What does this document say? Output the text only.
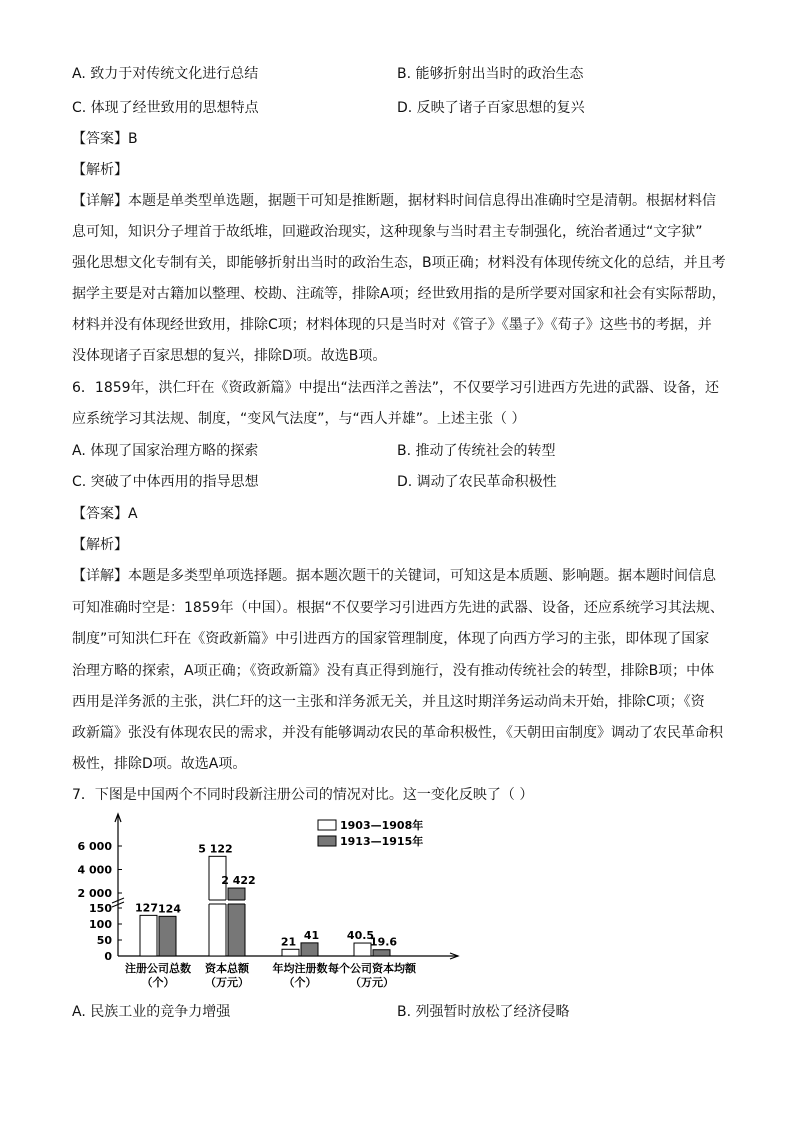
A. 致力于对传统文化进行总结	B. 能够折射出当时的政治生态
C. 体现了经世致用的思想特点	D. 反映了诸子百家思想的复兴
【答案】B
【解析】
【详解】本题是单类型单选题，据题干可知是推断题，据材料时间信息得出准确时空是清朝。根据材料信
息可知，知识分子埋首于故纸堆，回避政治现实，这种现象与当时君主专制强化，统治者通过“文字狱”
强化思想文化专制有关，即能够折射出当时的政治生态，B项正确；材料没有体现传统文化的总结，并且考
据学主要是对古籍加以整理、校勘、注疏等，排除A项；经世致用指的是所学要对国家和社会有实际帮助，
材料并没有体现经世致用，排除C项；材料体现的只是当时对《管子》《墨子》《荀子》这些书的考据，并
没体现诸子百家思想的复兴，排除D项。故选B项。
6．1859年，洪仁玕在《资政新篇》中提出“法西洋之善法”，不仅要学习引进西方先进的武器、设备，还
应系统学习其法规、制度，“变风气法度”，与“西人并雄”。上述主张（ ）
A. 体现了国家治理方略的探索	B. 推动了传统社会的转型
C. 突破了中体西用的指导思想	D. 调动了农民革命积极性
【答案】A
【解析】
【详解】本题是多类型单项选择题。据本题次题干的关键词，可知这是本质题、影响题。据本题时间信息
可知准确时空是：1859年（中国）。根据“不仅要学习引进西方先进的武器、设备，还应系统学习其法规、
制度”可知洪仁玕在《资政新篇》中引进西方的国家管理制度，体现了向西方学习的主张，即体现了国家
治理方略的探索，A项正确；《资政新篇》没有真正得到施行，没有推动传统社会的转型，排除B项；中体
西用是洋务派的主张，洪仁玕的这一主张和洋务派无关，并且这时期洋务运动尚未开始，排除C项；《资
政新篇》张没有体现农民的需求，并没有能够调动农民的革命积极性，《天朝田亩制度》调动了农民革命积
极性，排除D项。故选A项。
7．下图是中国两个不同时段新注册公司的情况对比。这一变化反映了（ ）
0
50
100
150
2 000
4 000
6 000
127
5 122
21	40.5
124
2 422
41
19.6
注册公司总数
（个）
资本总额
（万元）
年均注册数
（个）
每个公司资本均额
（万元）
1903—1908年
1913—1915年
A. 民族工业的竞争力增强	B. 列强暂时放松了经济侵略
